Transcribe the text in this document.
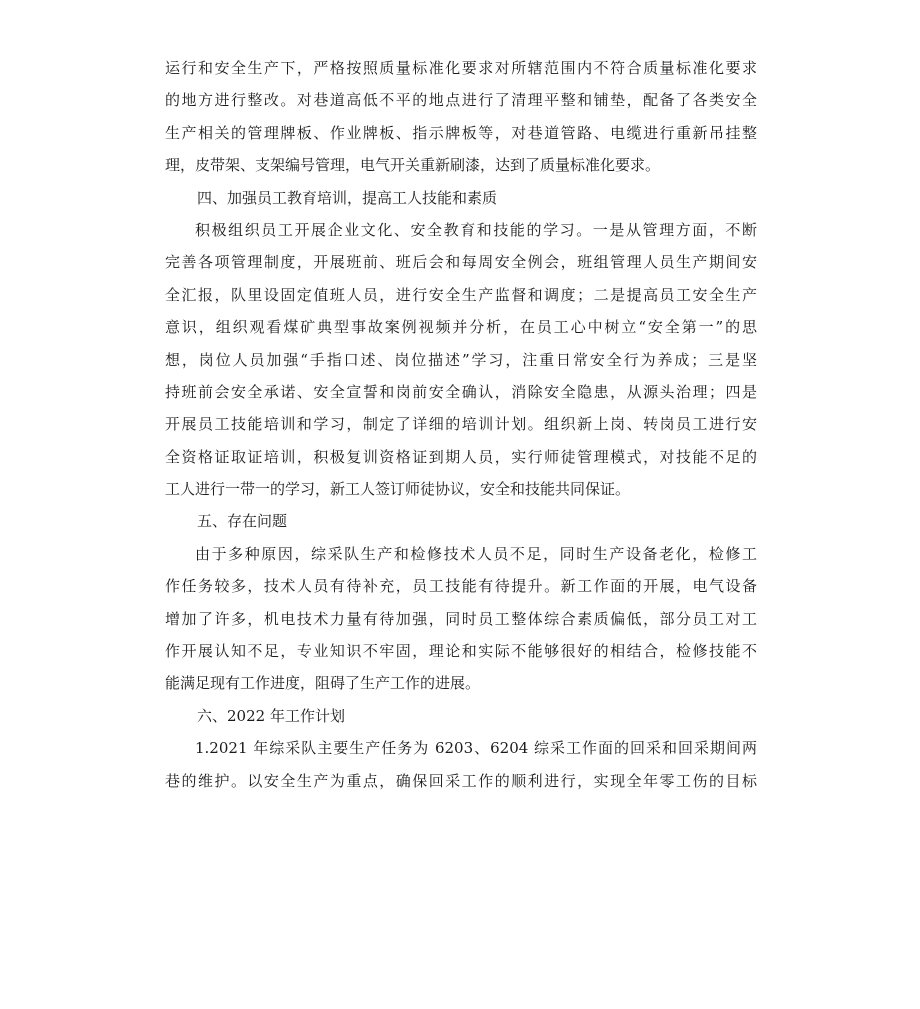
运行和安全生产下，严格按照质量标准化要求对所辖范围内不符合质量标准化要求
的地方进行整改。对巷道高低不平的地点进行了清理平整和铺垫，配备了各类安全
生产相关的管理牌板、作业牌板、指示牌板等，对巷道管路、电缆进行重新吊挂整
理，皮带架、支架编号管理，电气开关重新刷漆，达到了质量标准化要求。
四、加强员工教育培训，提高工人技能和素质
积极组织员工开展企业文化、安全教育和技能的学习。一是从管理方面，不断
完善各项管理制度，开展班前、班后会和每周安全例会，班组管理人员生产期间安
全汇报，队里设固定值班人员，进行安全生产监督和调度；二是提高员工安全生产
意识，组织观看煤矿典型事故案例视频并分析，在员工心中树立“安全第一”的思
想，岗位人员加强“手指口述、岗位描述”学习，注重日常安全行为养成；三是坚
持班前会安全承诺、安全宣誓和岗前安全确认，消除安全隐患，从源头治理；四是
开展员工技能培训和学习，制定了详细的培训计划。组织新上岗、转岗员工进行安
全资格证取证培训，积极复训资格证到期人员，实行师徒管理模式，对技能不足的
工人进行一带一的学习，新工人签订师徒协议，安全和技能共同保证。
五、存在问题
由于多种原因，综采队生产和检修技术人员不足，同时生产设备老化，检修工
作任务较多，技术人员有待补充，员工技能有待提升。新工作面的开展，电气设备
增加了许多，机电技术力量有待加强，同时员工整体综合素质偏低，部分员工对工
作开展认知不足，专业知识不牢固，理论和实际不能够很好的相结合，检修技能不
能满足现有工作进度，阻碍了生产工作的进展。
六、2022 年工作计划
1.2021 年综采队主要生产任务为 6203、6204 综采工作面的回采和回采期间两
巷的维护。以安全生产为重点，确保回采工作的顺利进行，实现全年零工伤的目标
